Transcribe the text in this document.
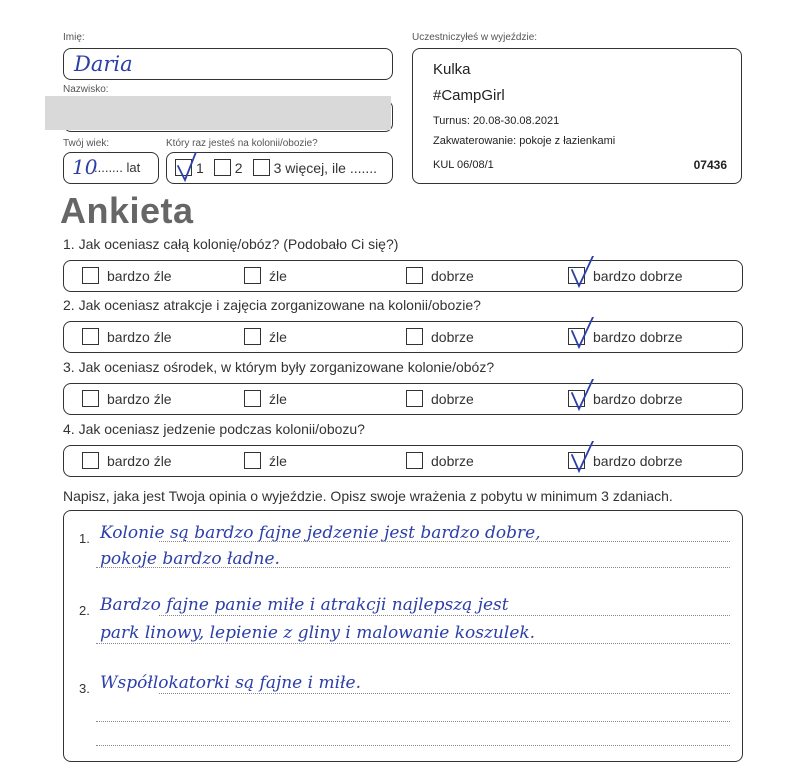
Imię:
Daria
Nazwisko:
Twój wiek:
10
........ lat
Który raz jesteś na kolonii/obozie?
1 2 3 więcej, ile .......
Uczestniczyłeś w wyjeździe:
Kulka
#CampGirl
Turnus: 20.08-30.08.2021
Zakwaterowanie: pokoje z łazienkami
KUL 06/08/1	07436
Ankieta
1. Jak oceniasz całą kolonię/obóz? (Podobało Ci się?)
bardzo źle	źle	dobrze	bardzo dobrze
2. Jak oceniasz atrakcje i zajęcia zorganizowane na kolonii/obozie?
bardzo źle	źle	dobrze	bardzo dobrze
3. Jak oceniasz ośrodek, w którym były zorganizowane kolonie/obóz?
bardzo źle	źle	dobrze	bardzo dobrze
4. Jak oceniasz jedzenie podczas kolonii/obozu?
bardzo źle	źle	dobrze	bardzo dobrze
Napisz, jaka jest Twoja opinia o wyjeździe. Opisz swoje wrażenia z pobytu w minimum 3 zdaniach.
1. Kolonie są bardzo fajne jedzenie jest bardzo dobre,
pokoje bardzo ładne.
2. Bardzo fajne panie miłe i atrakcji najlepszą jest
park linowy, lepienie z gliny i malowanie koszulek.
3. Współlokatorki są fajne i miłe.
